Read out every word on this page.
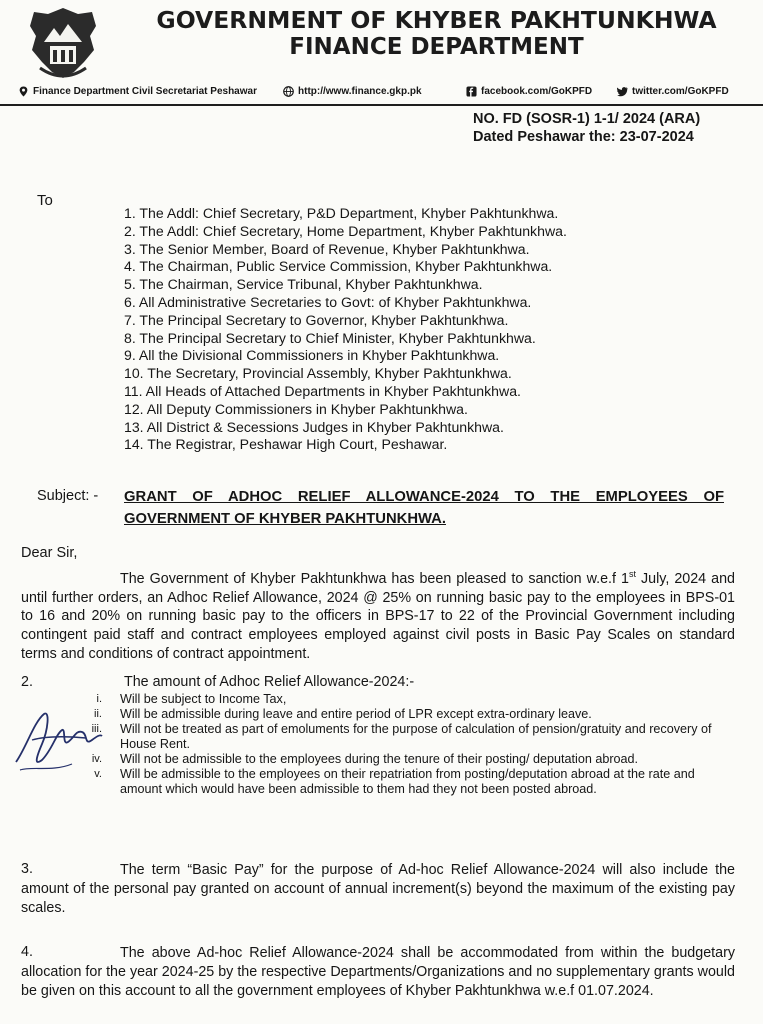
GOVERNMENT OF KHYBER PAKHTUNKHWA
FINANCE DEPARTMENT
Finance Department Civil Secretariat Peshawar	http://www.finance.gkp.pk	facebook.com/GoKPFD	twitter.com/GoKPFD
NO. FD (SOSR-1) 1-1/ 2024 (ARA)
Dated Peshawar the: 23-07-2024
To
1. The Addl: Chief Secretary, P&D Department, Khyber Pakhtunkhwa.
2. The Addl: Chief Secretary, Home Department, Khyber Pakhtunkhwa.
3. The Senior Member, Board of Revenue, Khyber Pakhtunkhwa.
4. The Chairman, Public Service Commission, Khyber Pakhtunkhwa.
5. The Chairman, Service Tribunal, Khyber Pakhtunkhwa.
6. All Administrative Secretaries to Govt: of Khyber Pakhtunkhwa.
7. The Principal Secretary to Governor, Khyber Pakhtunkhwa.
8. The Principal Secretary to Chief Minister, Khyber Pakhtunkhwa.
9. All the Divisional Commissioners in Khyber Pakhtunkhwa.
10. The Secretary, Provincial Assembly, Khyber Pakhtunkhwa.
11. All Heads of Attached Departments in Khyber Pakhtunkhwa.
12. All Deputy Commissioners in Khyber Pakhtunkhwa.
13. All District & Secessions Judges in Khyber Pakhtunkhwa.
14. The Registrar, Peshawar High Court, Peshawar.
Subject: - GRANT OF ADHOC RELIEF ALLOWANCE-2024 TO THE EMPLOYEES OF GOVERNMENT OF KHYBER PAKHTUNKHWA.
Dear Sir,

The Government of Khyber Pakhtunkhwa has been pleased to sanction w.e.f 1st July, 2024 and until further orders, an Adhoc Relief Allowance, 2024 @ 25% on running basic pay to the employees in BPS-01 to 16 and 20% on running basic pay to the officers in BPS-17 to 22 of the Provincial Government including contingent paid staff and contract employees employed against civil posts in Basic Pay Scales on standard terms and conditions of contract appointment.

2.	The amount of Adhoc Relief Allowance-2024:-
i. Will be subject to Income Tax,
ii. Will be admissible during leave and entire period of LPR except extra-ordinary leave.
iii. Will not be treated as part of emoluments for the purpose of calculation of pension/gratuity and recovery of House Rent.
iv. Will not be admissible to the employees during the tenure of their posting/ deputation abroad.
v. Will be admissible to the employees on their repatriation from posting/deputation abroad at the rate and amount which would have been admissible to them had they not been posted abroad.
3.	The term “Basic Pay” for the purpose of Ad-hoc Relief Allowance-2024 will also include the amount of the personal pay granted on account of annual increment(s) beyond the maximum of the existing pay scales.

4.	The above Ad-hoc Relief Allowance-2024 shall be accommodated from within the budgetary allocation for the year 2024-25 by the respective Departments/Organizations and no supplementary grants would be given on this account to all the government employees of Khyber Pakhtunkhwa w.e.f 01.07.2024.
